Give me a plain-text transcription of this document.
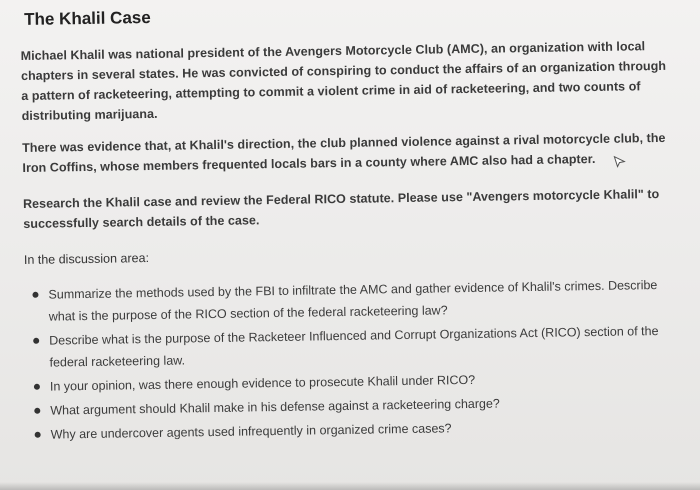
The Khalil Case

Michael Khalil was national president of the Avengers Motorcycle Club (AMC), an organization with local chapters in several states. He was convicted of conspiring to conduct the affairs of an organization through a pattern of racketeering, attempting to commit a violent crime in aid of racketeering, and two counts of distributing marijuana.

There was evidence that, at Khalil's direction, the club planned violence against a rival motorcycle club, the Iron Coffins, whose members frequented locals bars in a county where AMC also had a chapter.

Research the Khalil case and review the Federal RICO statute. Please use "Avengers motorcycle Khalil" to successfully search details of the case.

In the discussion area:
Summarize the methods used by the FBI to infiltrate the AMC and gather evidence of Khalil's crimes. Describe what is the purpose of the RICO section of the federal racketeering law?
Describe what is the purpose of the Racketeer Influenced and Corrupt Organizations Act (RICO) section of the federal racketeering law.
In your opinion, was there enough evidence to prosecute Khalil under RICO?
What argument should Khalil make in his defense against a racketeering charge?
Why are undercover agents used infrequently in organized crime cases?
